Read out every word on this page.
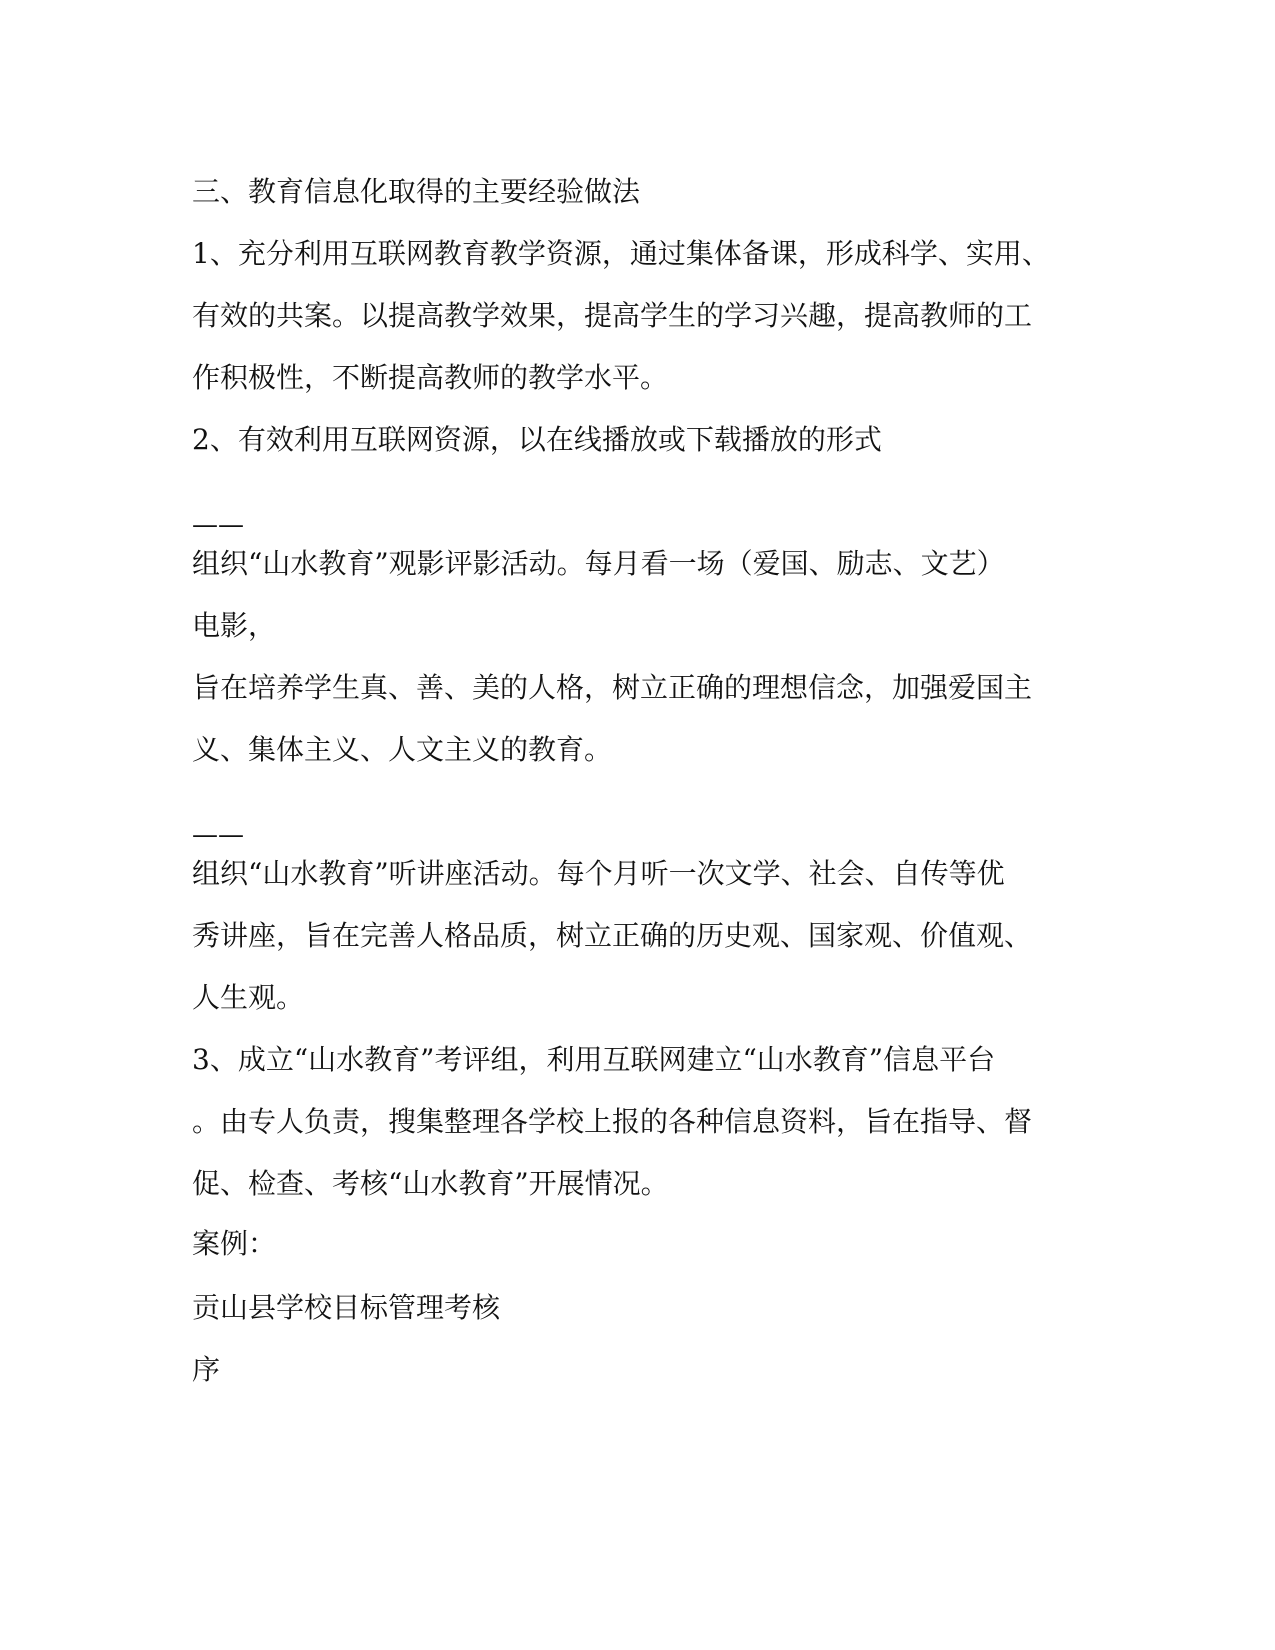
三、教育信息化取得的主要经验做法

1、充分利用互联网教育教学资源，通过集体备课，形成科学、实用、

有效的共案。以提高教学效果，提高学生的学习兴趣，提高教师的工

作积极性，不断提高教师的教学水平。

2、有效利用互联网资源，以在线播放或下载播放的形式

——

组织“山水教育”观影评影活动。每月看一场（爱国、励志、文艺）

电影，

旨在培养学生真、善、美的人格，树立正确的理想信念，加强爱国主

义、集体主义、人文主义的教育。

——

组织“山水教育”听讲座活动。每个月听一次文学、社会、自传等优

秀讲座，旨在完善人格品质，树立正确的历史观、国家观、价值观、

人生观。

3、成立“山水教育”考评组，利用互联网建立“山水教育”信息平台

。由专人负责，搜集整理各学校上报的各种信息资料，旨在指导、督

促、检查、考核“山水教育”开展情况。

案例：

贡山县学校目标管理考核

序
